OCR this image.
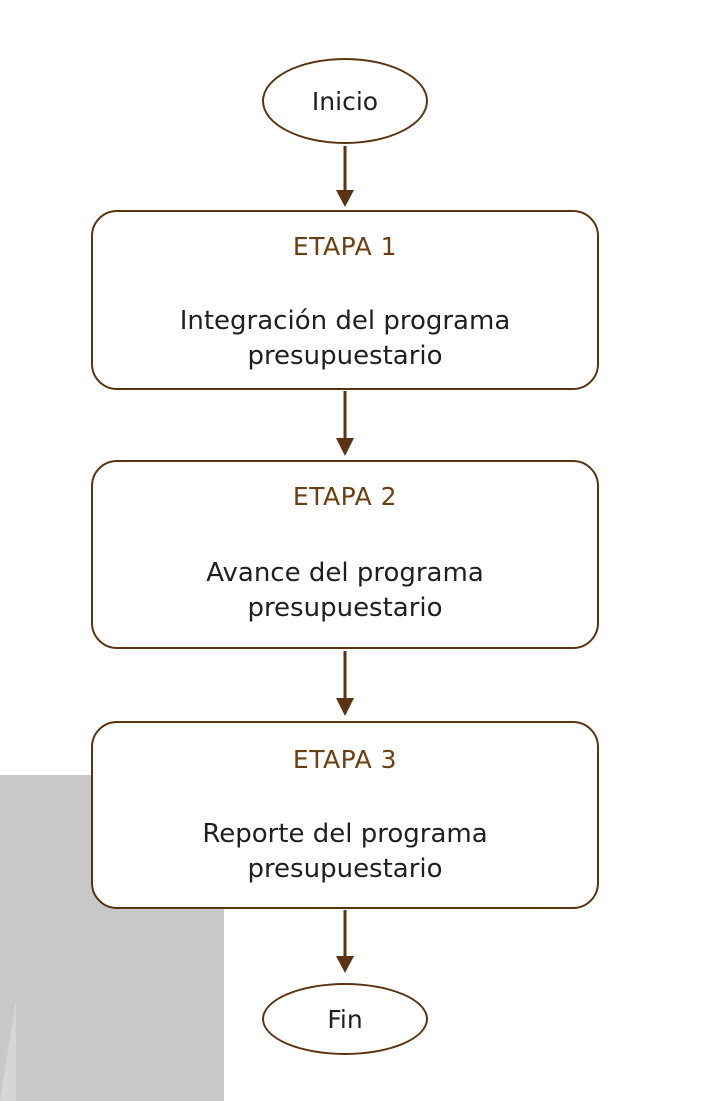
Inicio
ETAPA 1
Integración del programa
presupuestario
ETAPA 2
Avance del programa
presupuestario
ETAPA 3
Reporte del programa
presupuestario
Fin
